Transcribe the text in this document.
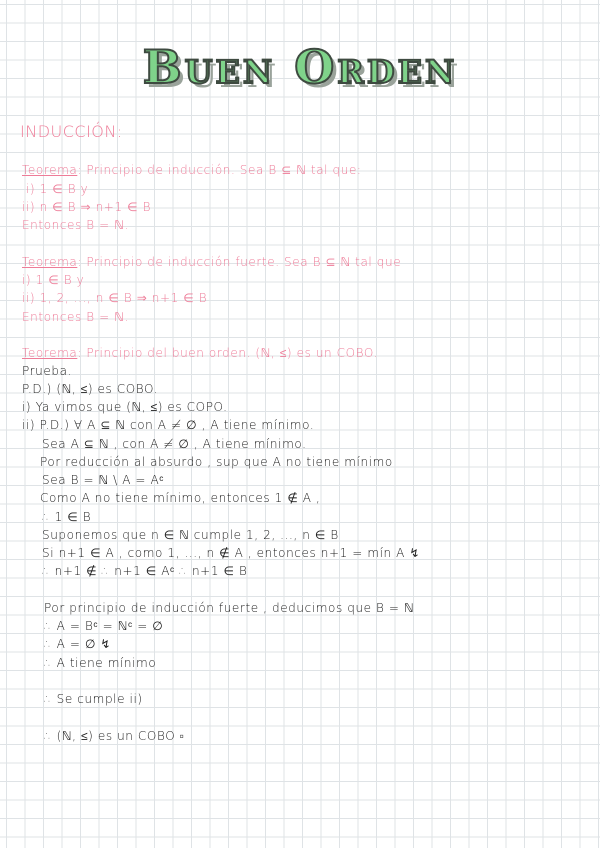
Buen Orden
INDUCCIÓN:
Teorema: Principio de inducción. Sea B ⊆ ℕ tal que:
i) 1 ∈ B y
ii) n ∈ B ⇒ n+1 ∈ B
Entonces B = ℕ.
Teorema: Principio de inducción fuerte. Sea B ⊆ ℕ tal que
i) 1 ∈ B y
ii) 1, 2, ..., n ∈ B ⇒ n+1 ∈ B
Entonces B = ℕ.
Teorema: Principio del buen orden. (ℕ, ≤) es un COBO.
Prueba.
P.D.) (ℕ, ≤) es COBO.
i) Ya vimos que (ℕ, ≤) es COPO.
ii) P.D.) ∀ A ⊆ ℕ con A ≠ ∅ , A tiene mínimo.
Sea A ⊆ ℕ , con A ≠ ∅ , A tiene mínimo.
Por reducción al absurdo , sup que A no tiene mínimo
Sea B = ℕ \ A = Aᶜ
Como A no tiene mínimo, entonces 1 ∉ A ,
∴ 1 ∈ B
Suponemos que n ∈ ℕ cumple 1, 2, ..., n ∈ B
Si n+1 ∈ A , como 1, ..., n ∉ A , entonces n+1 = mín A ↯
∴ n+1 ∉ ∴ n+1 ∈ Aᶜ ∴ n+1 ∈ B
Por principio de inducción fuerte , deducimos que B = ℕ
∴ A = Bᶜ = ℕᶜ = ∅
∴ A = ∅ ↯
∴ A tiene mínimo
∴ Se cumple ii)
∴ (ℕ, ≤) es un COBO ▫
